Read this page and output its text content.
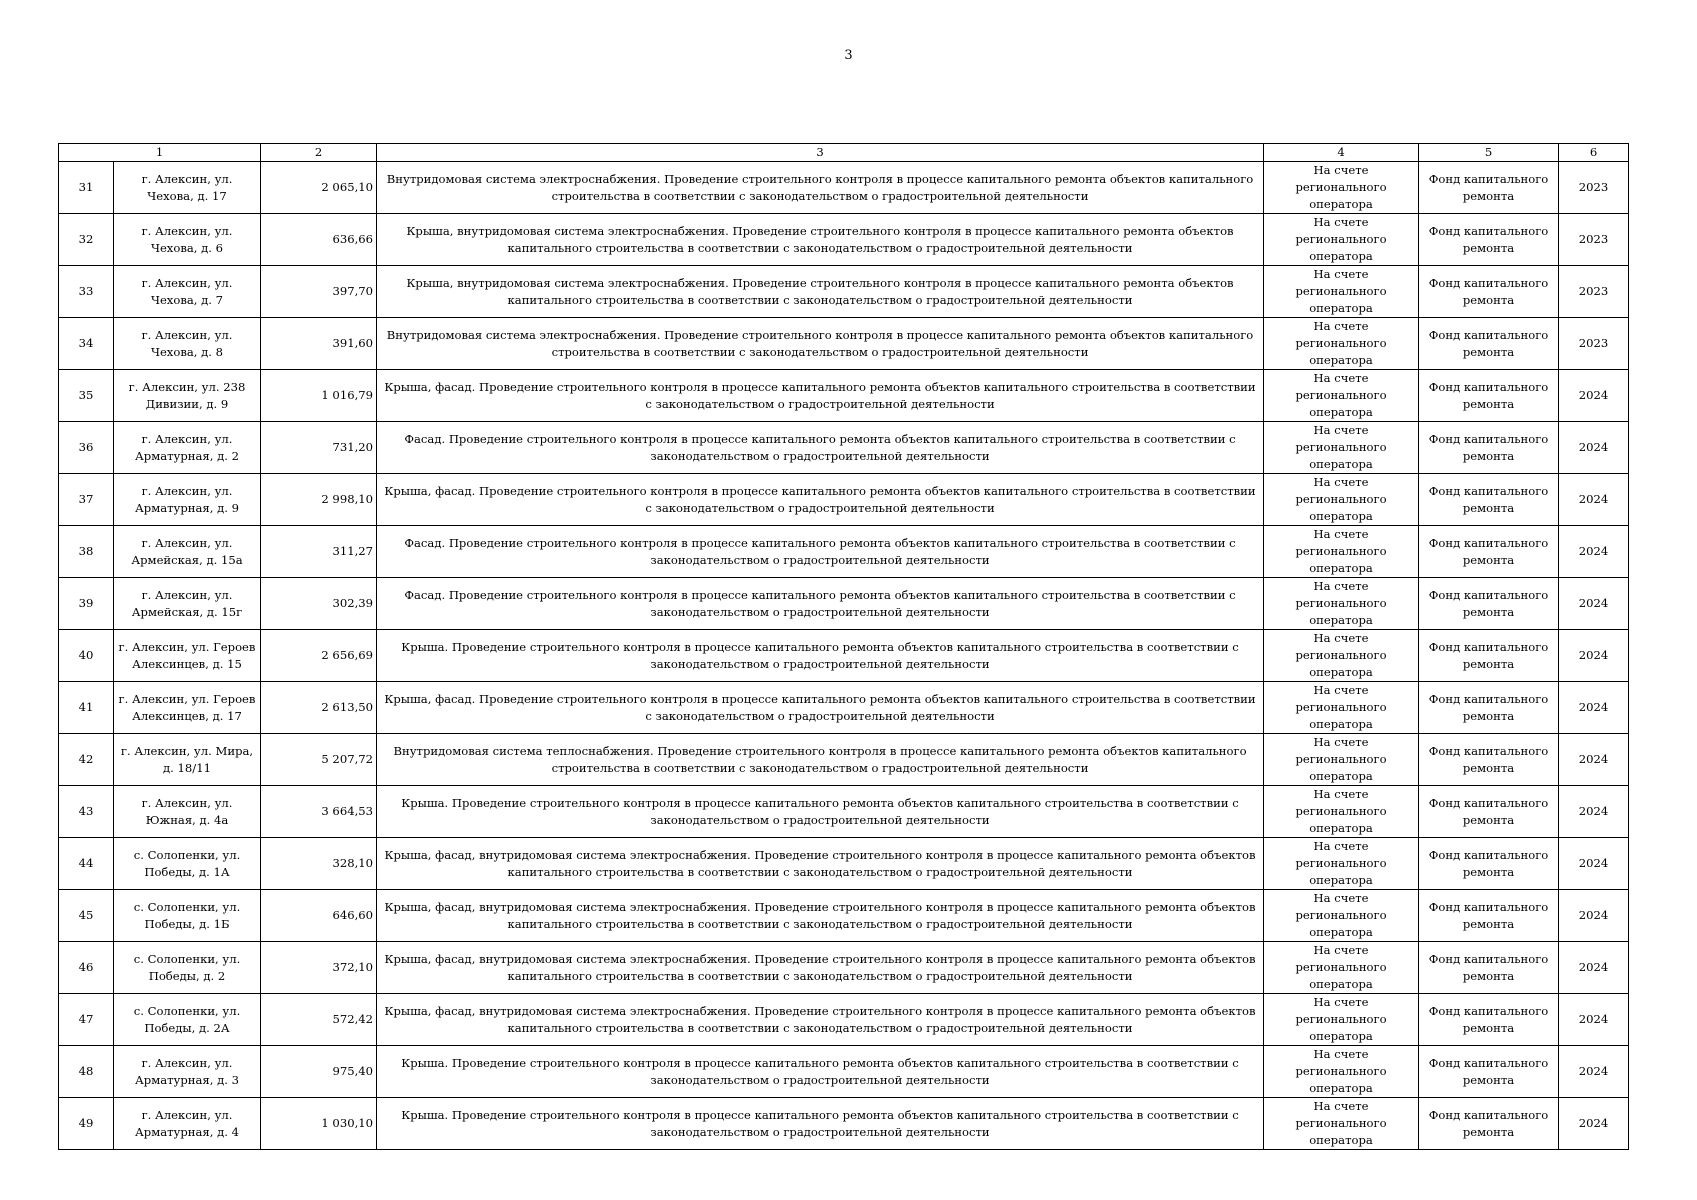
3
1		2	3	4	5	6
31	г. Алексин, ул. Чехова, д. 17	2 065,10	Внутридомовая система электроснабжения. Проведение строительного контроля в процессе капитального ремонта объектов капитального строительства в соответствии с законодательством о градостроительной деятельности	На счете регионального оператора	Фонд капитального ремонта	2023
32	г. Алексин, ул. Чехова, д. 6	636,66	Крыша, внутридомовая система электроснабжения. Проведение строительного контроля в процессе капитального ремонта объектов капитального строительства в соответствии с законодательством о градостроительной деятельности	На счете регионального оператора	Фонд капитального ремонта	2023
33	г. Алексин, ул. Чехова, д. 7	397,70	Крыша, внутридомовая система электроснабжения. Проведение строительного контроля в процессе капитального ремонта объектов капитального строительства в соответствии с законодательством о градостроительной деятельности	На счете регионального оператора	Фонд капитального ремонта	2023
34	г. Алексин, ул. Чехова, д. 8	391,60	Внутридомовая система электроснабжения. Проведение строительного контроля в процессе капитального ремонта объектов капитального строительства в соответствии с законодательством о градостроительной деятельности	На счете регионального оператора	Фонд капитального ремонта	2023
35	г. Алексин, ул. 238 Дивизии, д. 9	1 016,79	Крыша, фасад. Проведение строительного контроля в процессе капитального ремонта объектов капитального строительства в соответствии с законодательством о градостроительной деятельности	На счете регионального оператора	Фонд капитального ремонта	2024
36	г. Алексин, ул. Арматурная, д. 2	731,20	Фасад. Проведение строительного контроля в процессе капитального ремонта объектов капитального строительства в соответствии с законодательством о градостроительной деятельности	На счете регионального оператора	Фонд капитального ремонта	2024
37	г. Алексин, ул. Арматурная, д. 9	2 998,10	Крыша, фасад. Проведение строительного контроля в процессе капитального ремонта объектов капитального строительства в соответствии с законодательством о градостроительной деятельности	На счете регионального оператора	Фонд капитального ремонта	2024
38	г. Алексин, ул. Армейская, д. 15а	311,27	Фасад. Проведение строительного контроля в процессе капитального ремонта объектов капитального строительства в соответствии с законодательством о градостроительной деятельности	На счете регионального оператора	Фонд капитального ремонта	2024
39	г. Алексин, ул. Армейская, д. 15г	302,39	Фасад. Проведение строительного контроля в процессе капитального ремонта объектов капитального строительства в соответствии с законодательством о градостроительной деятельности	На счете регионального оператора	Фонд капитального ремонта	2024
40	г. Алексин, ул. Героев Алексинцев, д. 15	2 656,69	Крыша. Проведение строительного контроля в процессе капитального ремонта объектов капитального строительства в соответствии с законодательством о градостроительной деятельности	На счете регионального оператора	Фонд капитального ремонта	2024
41	г. Алексин, ул. Героев Алексинцев, д. 17	2 613,50	Крыша, фасад. Проведение строительного контроля в процессе капитального ремонта объектов капитального строительства в соответствии с законодательством о градостроительной деятельности	На счете регионального оператора	Фонд капитального ремонта	2024
42	г. Алексин, ул. Мира, д. 18/11	5 207,72	Внутридомовая система теплоснабжения. Проведение строительного контроля в процессе капитального ремонта объектов капитального строительства в соответствии с законодательством о градостроительной деятельности	На счете регионального оператора	Фонд капитального ремонта	2024
43	г. Алексин, ул. Южная, д. 4а	3 664,53	Крыша. Проведение строительного контроля в процессе капитального ремонта объектов капитального строительства в соответствии с законодательством о градостроительной деятельности	На счете регионального оператора	Фонд капитального ремонта	2024
44	с. Солопенки, ул. Победы, д. 1А	328,10	Крыша, фасад, внутридомовая система электроснабжения. Проведение строительного контроля в процессе капитального ремонта объектов капитального строительства в соответствии с законодательством о градостроительной деятельности	На счете регионального оператора	Фонд капитального ремонта	2024
45	с. Солопенки, ул. Победы, д. 1Б	646,60	Крыша, фасад, внутридомовая система электроснабжения. Проведение строительного контроля в процессе капитального ремонта объектов капитального строительства в соответствии с законодательством о градостроительной деятельности	На счете регионального оператора	Фонд капитального ремонта	2024
46	с. Солопенки, ул. Победы, д. 2	372,10	Крыша, фасад, внутридомовая система электроснабжения. Проведение строительного контроля в процессе капитального ремонта объектов капитального строительства в соответствии с законодательством о градостроительной деятельности	На счете регионального оператора	Фонд капитального ремонта	2024
47	с. Солопенки, ул. Победы, д. 2А	572,42	Крыша, фасад, внутридомовая система электроснабжения. Проведение строительного контроля в процессе капитального ремонта объектов капитального строительства в соответствии с законодательством о градостроительной деятельности	На счете регионального оператора	Фонд капитального ремонта	2024
48	г. Алексин, ул. Арматурная, д. 3	975,40	Крыша. Проведение строительного контроля в процессе капитального ремонта объектов капитального строительства в соответствии с законодательством о градостроительной деятельности	На счете регионального оператора	Фонд капитального ремонта	2024
49	г. Алексин, ул. Арматурная, д. 4	1 030,10	Крыша. Проведение строительного контроля в процессе капитального ремонта объектов капитального строительства в соответствии с законодательством о градостроительной деятельности	На счете регионального оператора	Фонд капитального ремонта	2024
